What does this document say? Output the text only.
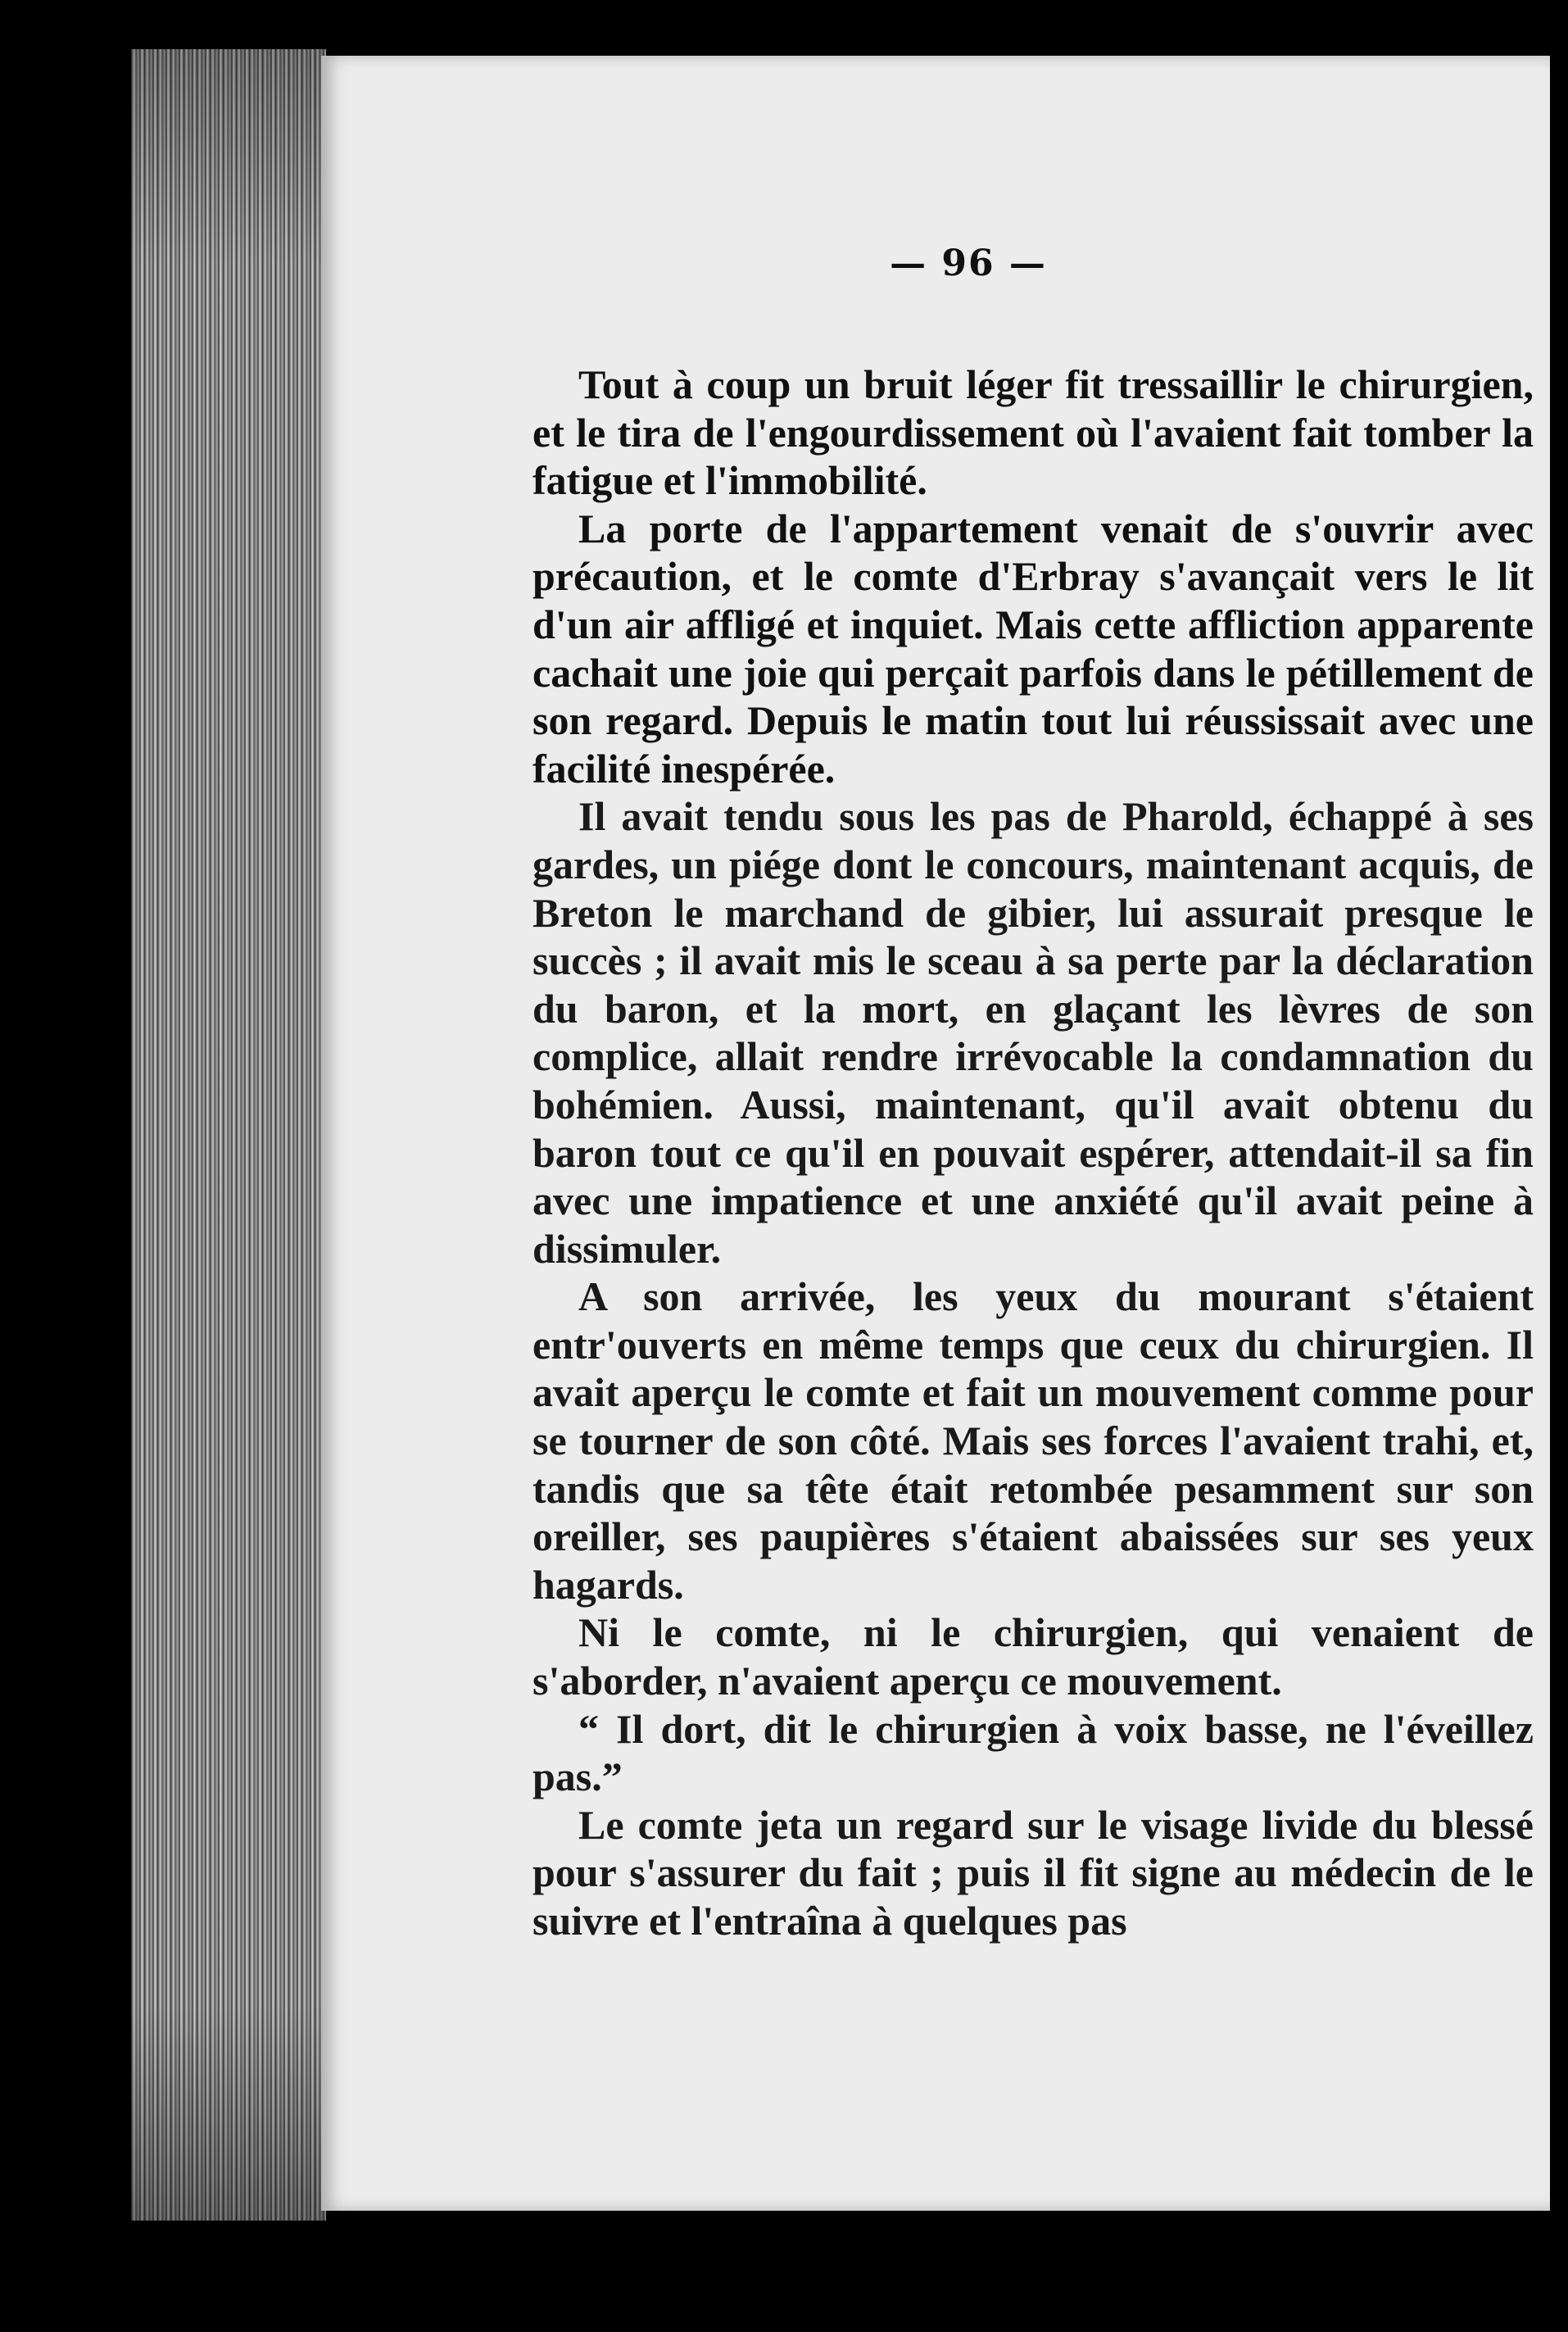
— 96 —

Tout à coup un bruit léger fit tressaillir le chirurgien, et le tira de l'engourdissement où l'avaient fait tomber la fatigue et l'immobilité.

La porte de l'appartement venait de s'ouvrir avec précaution, et le comte d'Erbray s'avançait vers le lit d'un air affligé et inquiet. Mais cette affliction apparente cachait une joie qui perçait parfois dans le pétillement de son regard. Depuis le matin tout lui réussissait avec une facilité inespérée.

Il avait tendu sous les pas de Pharold, échappé à ses gardes, un piége dont le concours, maintenant acquis, de Breton le marchand de gibier, lui assurait presque le succès ; il avait mis le sceau à sa perte par la déclaration du baron, et la mort, en glaçant les lèvres de son complice, allait rendre irrévocable la condamnation du bohémien. Aussi, maintenant, qu'il avait obtenu du baron tout ce qu'il en pouvait espérer, attendait-il sa fin avec une impatience et une anxiété qu'il avait peine à dissimuler.

A son arrivée, les yeux du mourant s'étaient entr'ouverts en même temps que ceux du chirurgien. Il avait aperçu le comte et fait un mouvement comme pour se tourner de son côté. Mais ses forces l'avaient trahi, et, tandis que sa tête était retombée pesamment sur son oreiller, ses paupières s'étaient abaissées sur ses yeux hagards.

Ni le comte, ni le chirurgien, qui venaient de s'aborder, n'avaient aperçu ce mouvement.

“ Il dort, dit le chirurgien à voix basse, ne l'éveillez pas.”

Le comte jeta un regard sur le visage livide du blessé pour s'assurer du fait ; puis il fit signe au médecin de le suivre et l'entraîna à quelques pas
